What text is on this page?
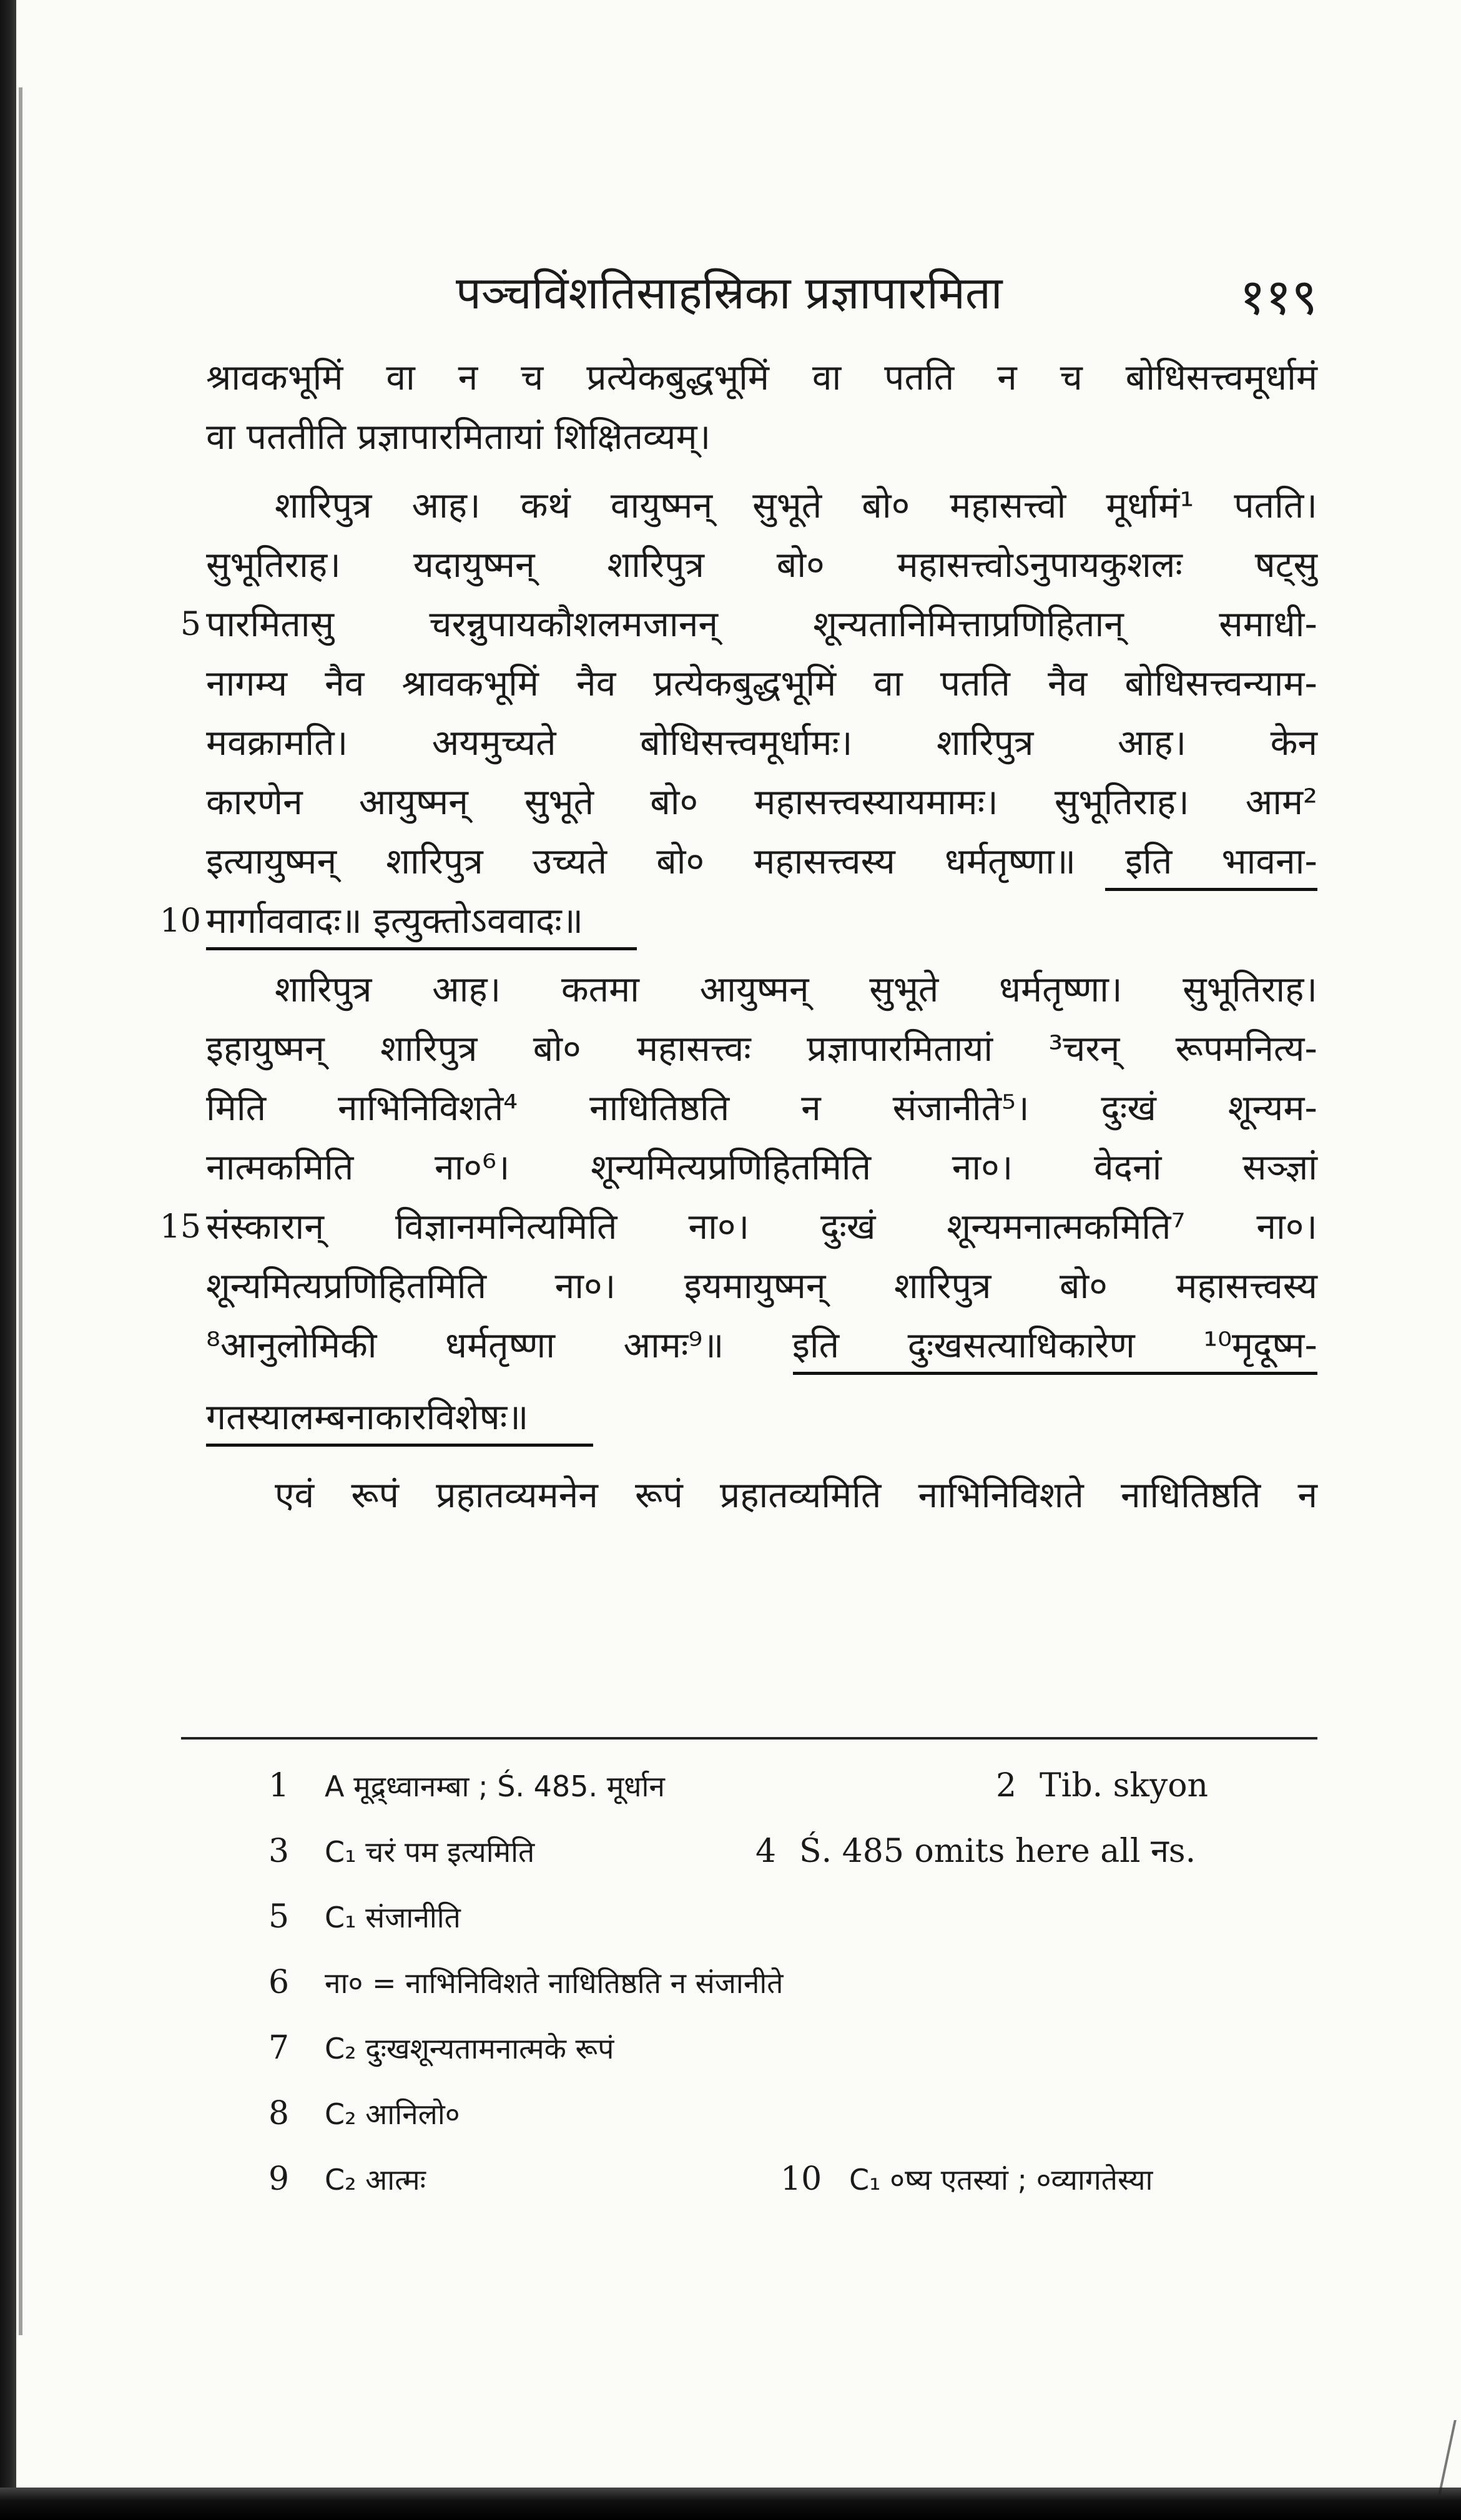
पञ्चविंशतिसाहस्रिका प्रज्ञापारमिता	११९
श्रावकभूमिं वा न च प्रत्येकबुद्धभूमिं वा पतति न च बोधिसत्त्वमूर्धामं
वा पततीति प्रज्ञापारमितायां शिक्षितव्यम्।
शारिपुत्र आह। कथं वायुष्मन् सुभूते बो० महासत्त्वो मूर्धामं¹ पतति।
सुभूतिराह। यदायुष्मन् शारिपुत्र बो० महासत्त्वोऽनुपायकुशलः षट्सु
5 पारमितासु चरन्नुपायकौशलमजानन् शून्यतानिमित्ताप्रणिहितान् समाधी-
नागम्य नैव श्रावकभूमिं नैव प्रत्येकबुद्धभूमिं वा पतति नैव बोधिसत्त्वन्याम-
मवक्रामति। अयमुच्यते बोधिसत्त्वमूर्धामः। शारिपुत्र आह। केन
कारणेन आयुष्मन् सुभूते बो० महासत्त्वस्यायमामः। सुभूतिराह। आम²
इत्यायुष्मन् शारिपुत्र उच्यते बो० महासत्त्वस्य धर्मतृष्णा॥ इति भावना-
10 मार्गाववादः॥ इत्युक्तोऽववादः॥
शारिपुत्र आह। कतमा आयुष्मन् सुभूते धर्मतृष्णा। सुभूतिराह।
इहायुष्मन् शारिपुत्र बो० महासत्त्वः प्रज्ञापारमितायां ³चरन् रूपमनित्य-
मिति नाभिनिविशते⁴ नाधितिष्ठति न संजानीते⁵। दुःखं शून्यम-
नात्मकमिति ना०⁶। शून्यमित्यप्रणिहितमिति ना०। वेदनां सञ्ज्ञां
15 संस्कारान् विज्ञानमनित्यमिति ना०। दुःखं शून्यमनात्मकमिति⁷ ना०।
शून्यमित्यप्रणिहितमिति ना०। इयमायुष्मन् शारिपुत्र बो० महासत्त्वस्य
⁸आनुलोमिकी धर्मतृष्णा आमः⁹॥ इति दुःखसत्याधिकारेण ¹⁰मृदूष्म-
गतस्यालम्बनाकारविशेषः॥
एवं रूपं प्रहातव्यमनेन रूपं प्रहातव्यमिति नाभिनिविशते नाधितिष्ठति न
1 A मूद्र्ध्वानम्बा ; Ś. 485. मूर्धान	2 Tib. skyon
3 C₁ चरं पम इत्यमिति	4 Ś. 485 omits here all नs.
5 C₁ संजानीति
6 ना० = नाभिनिविशते नाधितिष्ठति न संजानीते
7 C₂ दुःखशून्यतामनात्मके रूपं
8 C₂ आनिलो०
9 C₂ आत्मः	10 C₁ ०ष्य एतस्यां ; ०व्यागतेस्या
